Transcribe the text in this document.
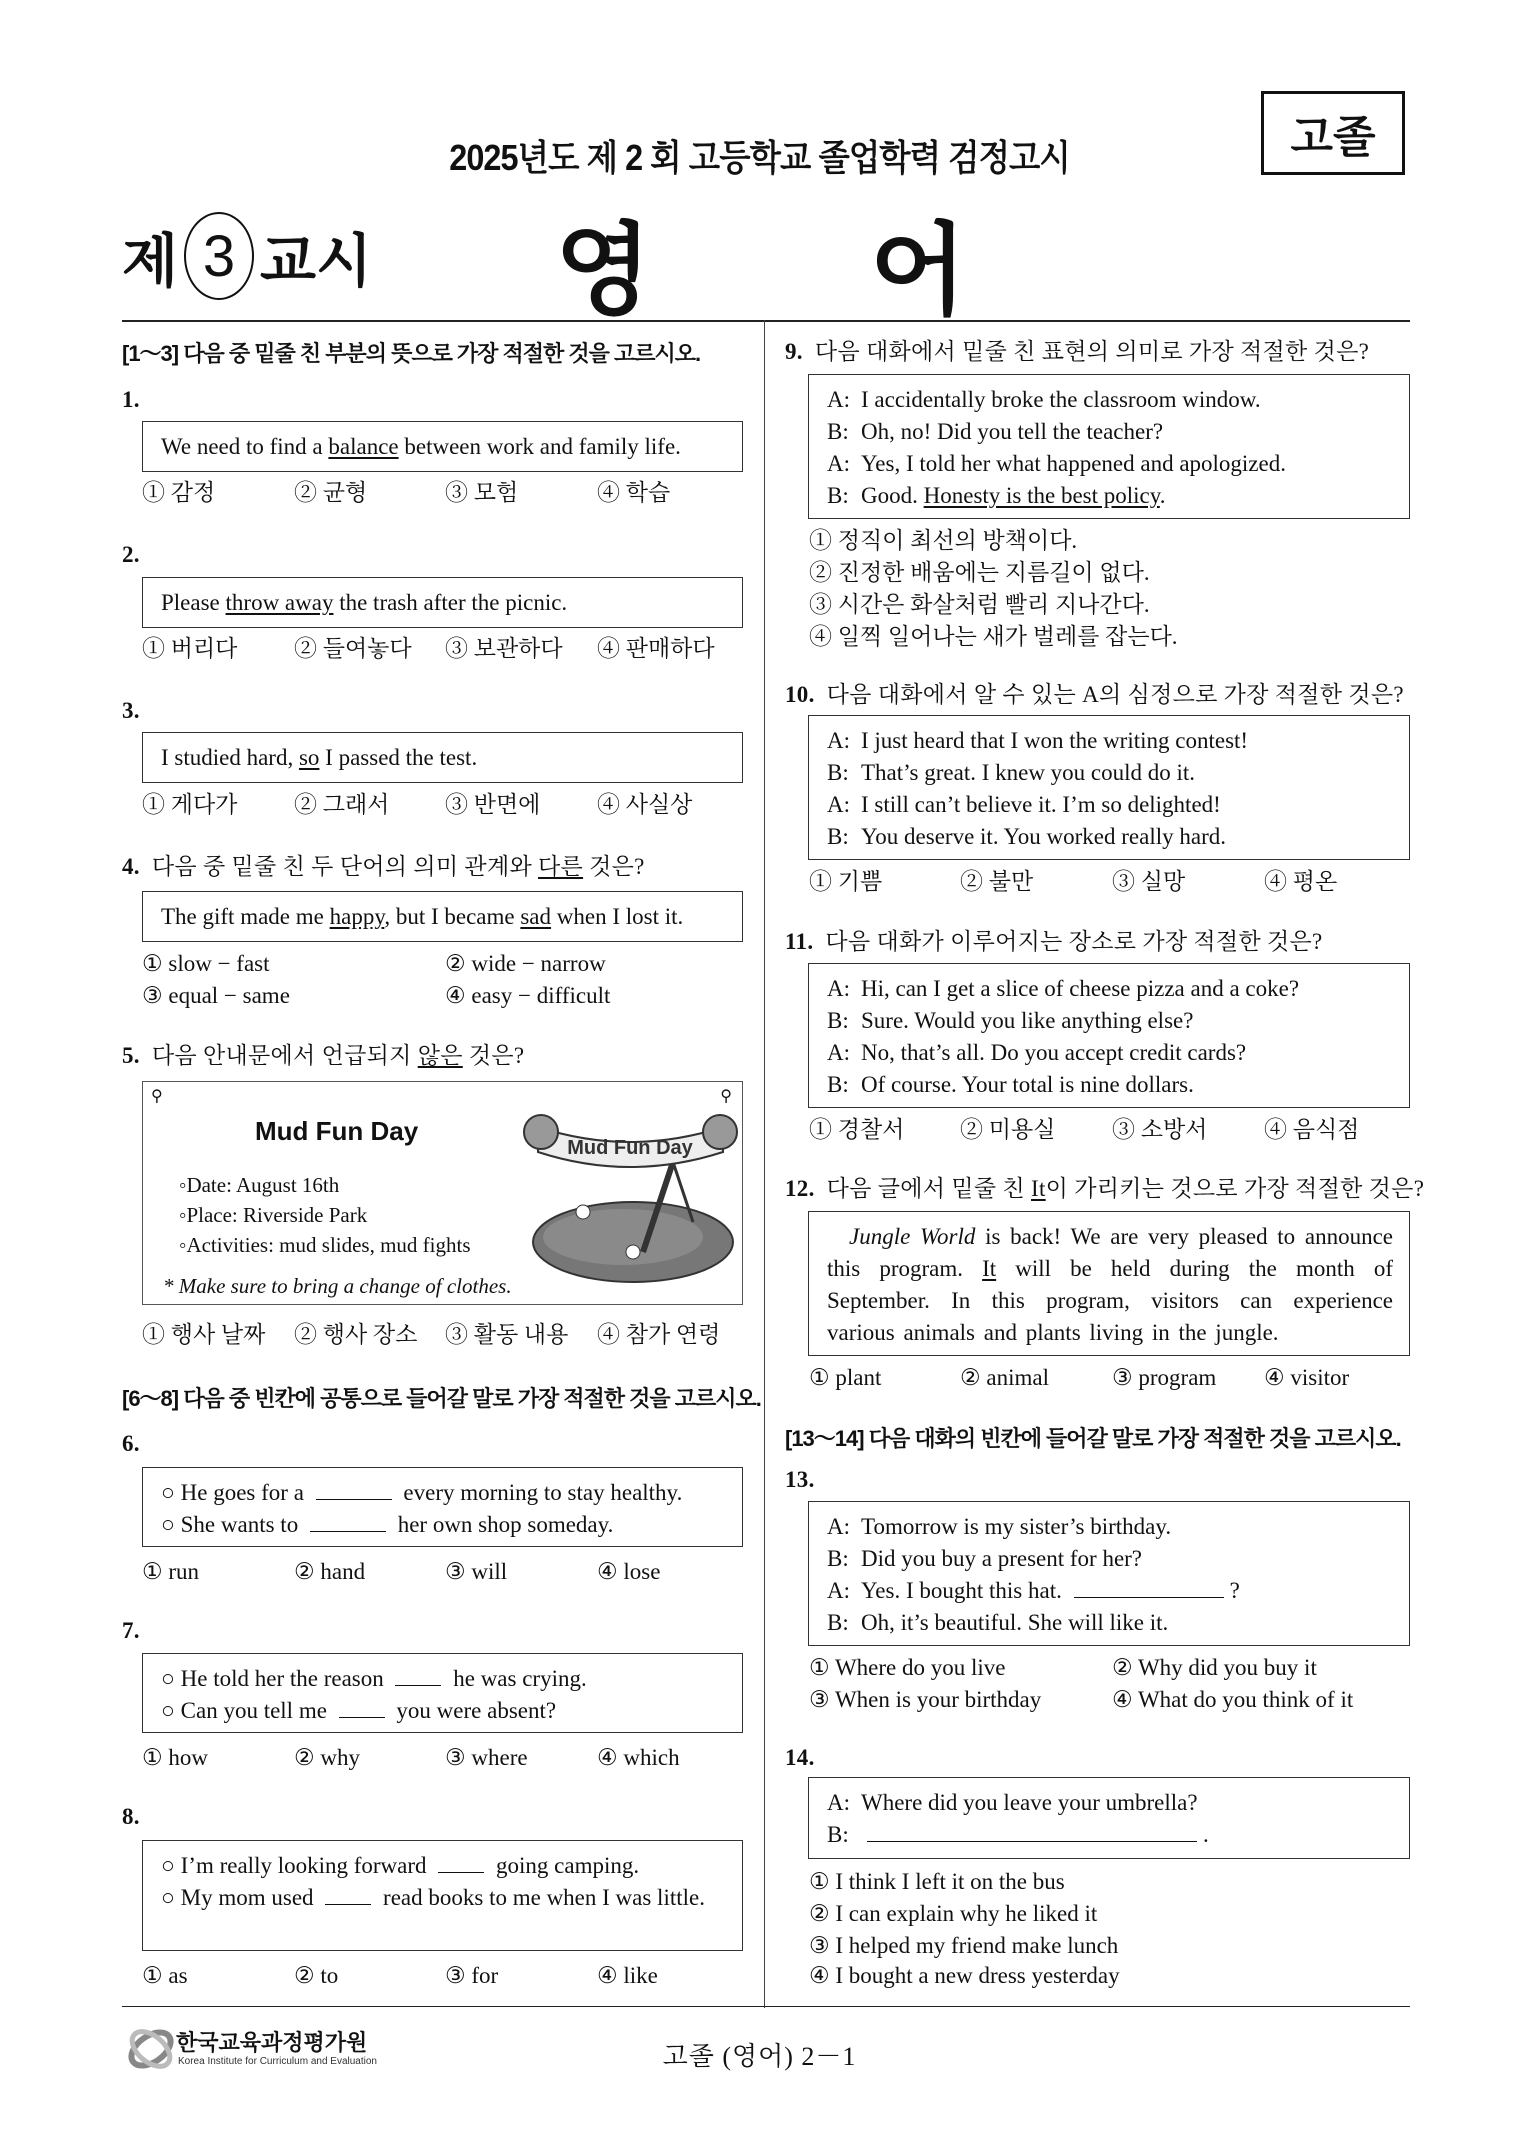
2025년도 제 2 회 고등학교 졸업학력 검정고시	고졸
제 3 교시 영 어
한국교육과정평가원
Korea Institute for Curriculum and Evaluation	고졸 (영어) 2－1
[1～3] 다음 중 밑줄 친 부분의 뜻으로 가장 적절한 것을 고르시오.
1.
We need to find a balance between work and family life.
① 감정	② 균형	③ 모험	④ 학습
2.
Please throw away the trash after the picnic.
① 버리다 ② 들여놓다 ③ 보관하다 ④ 판매하다
3.
I studied hard, so I passed the test.
① 게다가 ② 그래서 ③ 반면에 ④ 사실상
4. 다음 중 밑줄 친 두 단어의 의미 관계와 다른 것은?
The gift made me happy, but I became sad when I lost it.
① slow − fast	② wide − narrow
③ equal − same	④ easy − difficult
5. 다음 안내문에서 언급되지 않은 것은?
⚲	⚲
Mud Fun Day
◦Date: August 16th
◦Place: Riverside Park
◦Activities: mud slides, mud fights
* Make sure to bring a change of clothes.
Mud Fun Day
① 행사 날짜 ② 행사 장소 ③ 활동 내용 ④ 참가 연령
[6～8] 다음 중 빈칸에 공통으로 들어갈 말로 가장 적절한 것을 고르시오.
6.
○ He goes for a	every morning to stay healthy.
○ She wants to	her own shop someday.
① run	② hand	③ will	④ lose
7.
○ He told her the reason	he was crying.
○ Can you tell me	you were absent?
① how	② why	③ where	④ which
8.
○ I’m really looking forward	going camping.
○ My mom used	read books to me when I was little.
① as	② to	③ for	④ like
9. 다음 대화에서 밑줄 친 표현의 의미로 가장 적절한 것은?
A: I accidentally broke the classroom window.
B: Oh, no! Did you tell the teacher?
A: Yes, I told her what happened and apologized.
B: Good. Honesty is the best policy.
① 정직이 최선의 방책이다.
② 진정한 배움에는 지름길이 없다.
③ 시간은 화살처럼 빨리 지나간다.
④ 일찍 일어나는 새가 벌레를 잡는다.
10. 다음 대화에서 알 수 있는 A의 심정으로 가장 적절한 것은?
A: I just heard that I won the writing contest!
B: That’s great. I knew you could do it.
A: I still can’t believe it. I’m so delighted!
B: You deserve it. You worked really hard.
① 기쁨	② 불만	③ 실망	④ 평온
11. 다음 대화가 이루어지는 장소로 가장 적절한 것은?
A: Hi, can I get a slice of cheese pizza and a coke?
B: Sure. Would you like anything else?
A: No, that’s all. Do you accept credit cards?
B: Of course. Your total is nine dollars.
① 경찰서 ② 미용실 ③ 소방서 ④ 음식점
12. 다음 글에서 밑줄 친 It이 가리키는 것으로 가장 적절한 것은?
Jungle World is back! We are very pleased to announce this program. It will be held during the month of September. In this program, visitors can experience various animals and plants living in the jungle.
① plant	② animal	③ program ④ visitor
[13～14] 다음 대화의 빈칸에 들어갈 말로 가장 적절한 것을 고르시오.
13.
A: Tomorrow is my sister’s birthday.
B: Did you buy a present for her?
A: Yes. I bought this hat.	?
B: Oh, it’s beautiful. She will like it.
① Where do you live	② Why did you buy it
③ When is your birthday	④ What do you think of it
14.
A: Where did you leave your umbrella?
B:	.
① I think I left it on the bus
② I can explain why he liked it
③ I helped my friend make lunch
④ I bought a new dress yesterday
